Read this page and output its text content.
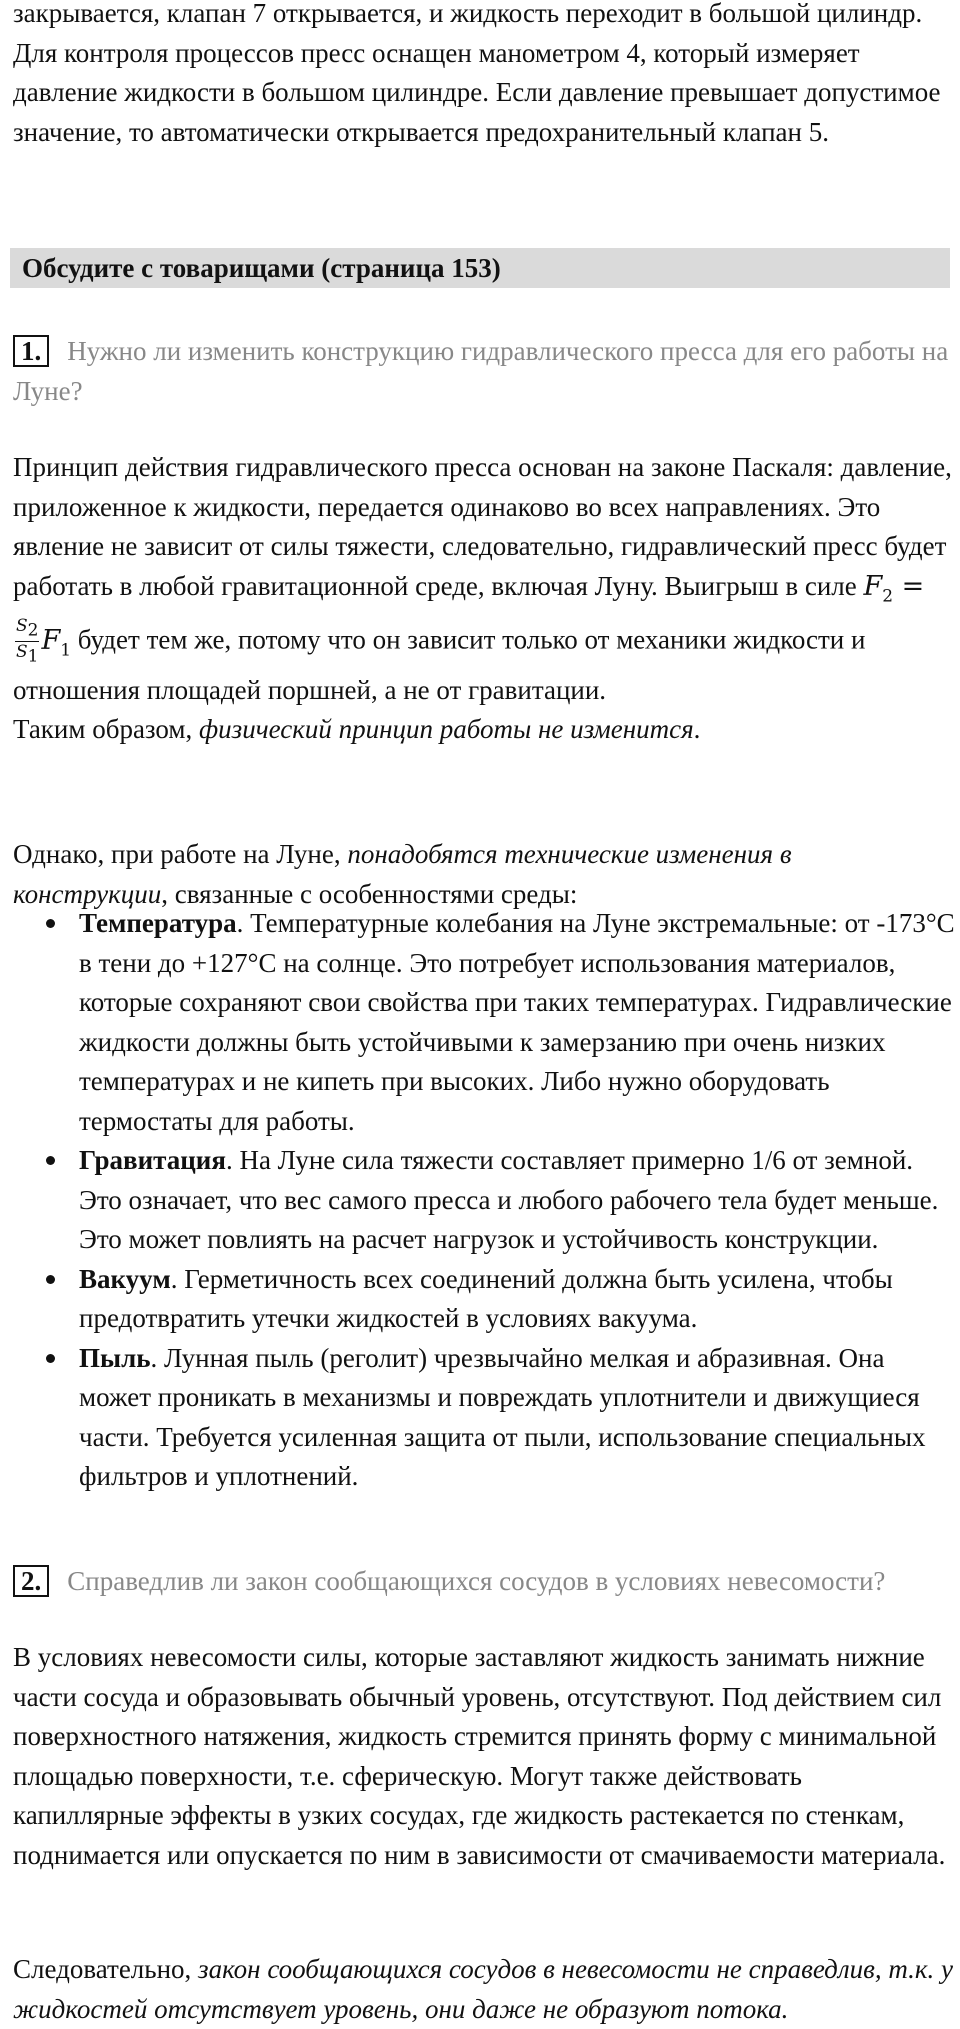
закрывается, клапан 7 открывается, и жидкость переходит в большой цилиндр.
Для контроля процессов пресс оснащен манометром 4, который измеряет давление жидкости в большом цилиндре. Если давление превышает допустимое значение, то автоматически открывается предохранительный клапан 5.

Обсудите с товарищами (страница 153)
1. Нужно ли изменить конструкцию гидравлического пресса для его работы на Луне?

Принцип действия гидравлического пресса основан на законе Паскаля: давление, приложенное к жидкости, передается одинаково во всех направлениях. Это явление не зависит от силы тяжести, следовательно, гидравлический пресс будет работать в любой гравитационной среде, включая Луну. Выигрыш в силе $F_2$ =
$\frac{S_2}{S_1} F_1$ будет тем же, потому что он зависит только от механики жидкости и отношения площадей поршней, а не от гравитации.
Таким образом, физический принцип работы не изменится.

Однако, при работе на Луне, понадобятся технические изменения в конструкции, связанные с особенностями среды:

Температура. Температурные колебания на Луне экстремальные: от -173°C в тени до +127°C на солнце. Это потребует использования материалов, которые сохраняют свои свойства при таких температурах. Гидравлические жидкости должны быть устойчивыми к замерзанию при очень низких температурах и не кипеть при высоких. Либо нужно оборудовать термостаты для работы.
Гравитация. На Луне сила тяжести составляет примерно 1/6 от земной. Это означает, что вес самого пресса и любого рабочего тела будет меньше. Это может повлиять на расчет нагрузок и устойчивость конструкции.
Вакуум. Герметичность всех соединений должна быть усилена, чтобы предотвратить утечки жидкостей в условиях вакуума.
Пыль. Лунная пыль (реголит) чрезвычайно мелкая и абразивная. Она может проникать в механизмы и повреждать уплотнители и движущиеся части. Требуется усиленная защита от пыли, использование специальных фильтров и уплотнений.
2. Справедлив ли закон сообщающихся сосудов в условиях невесомости?

В условиях невесомости силы, которые заставляют жидкость занимать нижние части сосуда и образовывать обычный уровень, отсутствуют. Под действием сил поверхностного натяжения, жидкость стремится принять форму с минимальной площадью поверхности, т.е. сферическую. Могут также действовать капиллярные эффекты в узких сосудах, где жидкость растекается по стенкам, поднимается или опускается по ним в зависимости от смачиваемости материала.

Следовательно, закон сообщающихся сосудов в невесомости не справедлив, т.к. у жидкостей отсутствует уровень, они даже не образуют потока.
